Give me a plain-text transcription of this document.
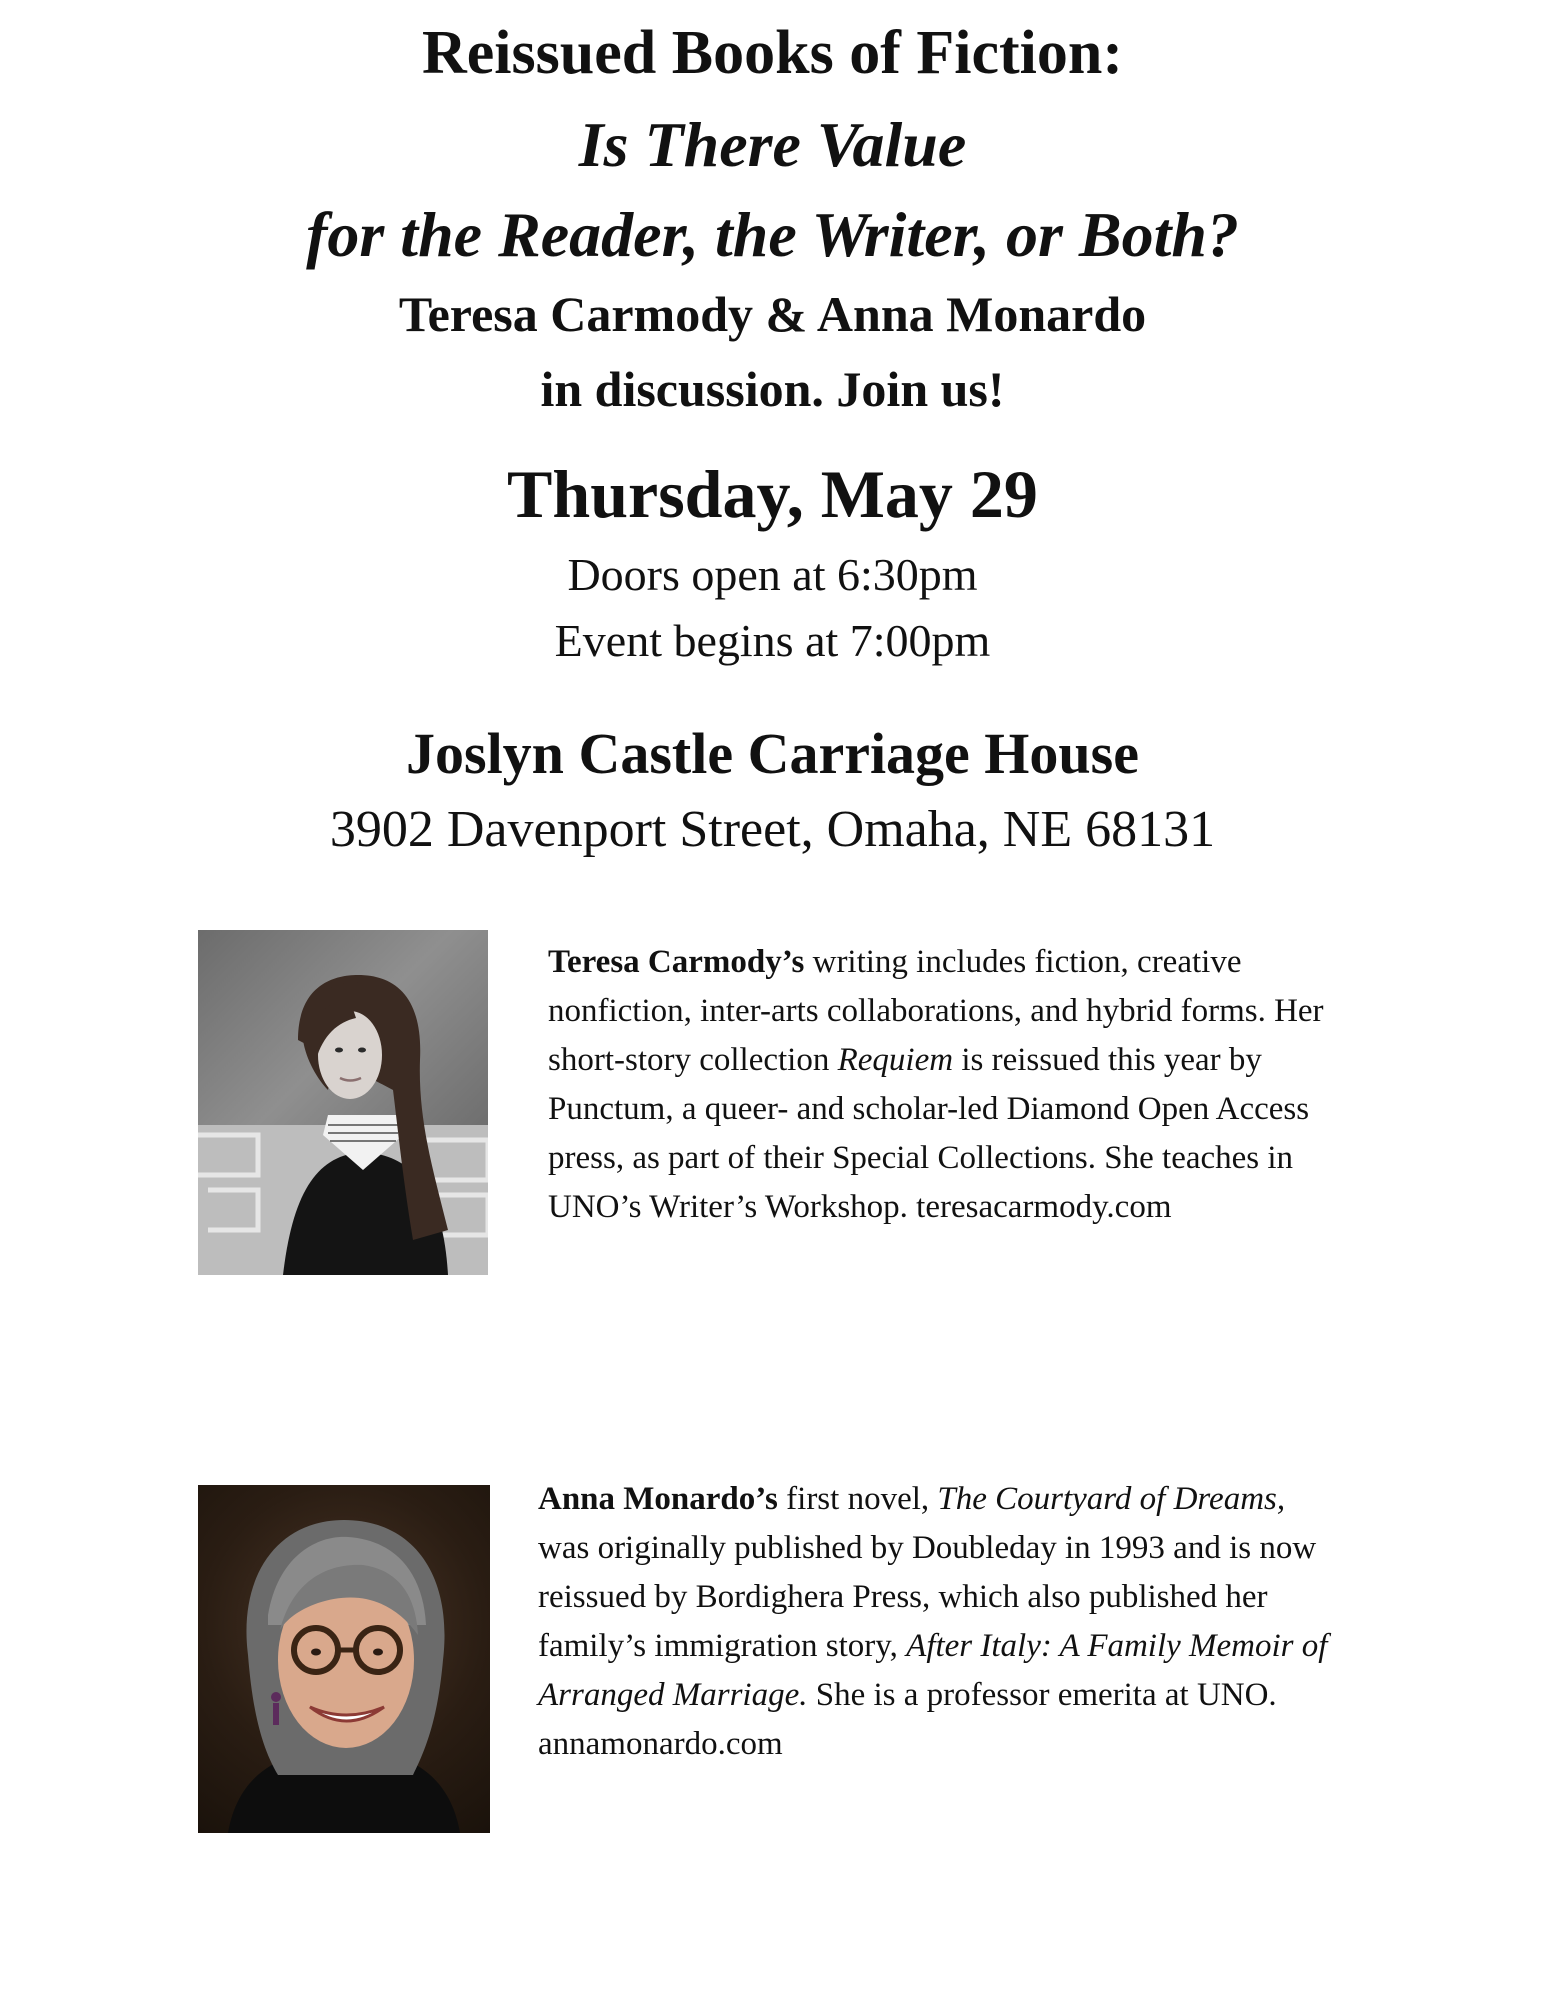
Reissued Books of Fiction:
Is There Value
for the Reader, the Writer, or Both?
Teresa Carmody & Anna Monardo
in discussion. Join us!
Thursday, May 29
Doors open at 6:30pm
Event begins at 7:00pm
Joslyn Castle Carriage House
3902 Davenport Street, Omaha, NE 68131
Teresa Carmody’s writing includes fiction, creative nonfiction, inter-arts collaborations, and hybrid forms. Her short-story collection Requiem is reissued this year by Punctum, a queer- and scholar-led Diamond Open Access press, as part of their Special Collections. She teaches in UNO’s Writer’s Workshop. teresacarmody.com
Anna Monardo’s first novel, The Courtyard of Dreams, was originally published by Doubleday in 1993 and is now reissued by Bordighera Press, which also published her family’s immigration story, After Italy: A Family Memoir of Arranged Marriage. She is a professor emerita at UNO. annamonardo.com
